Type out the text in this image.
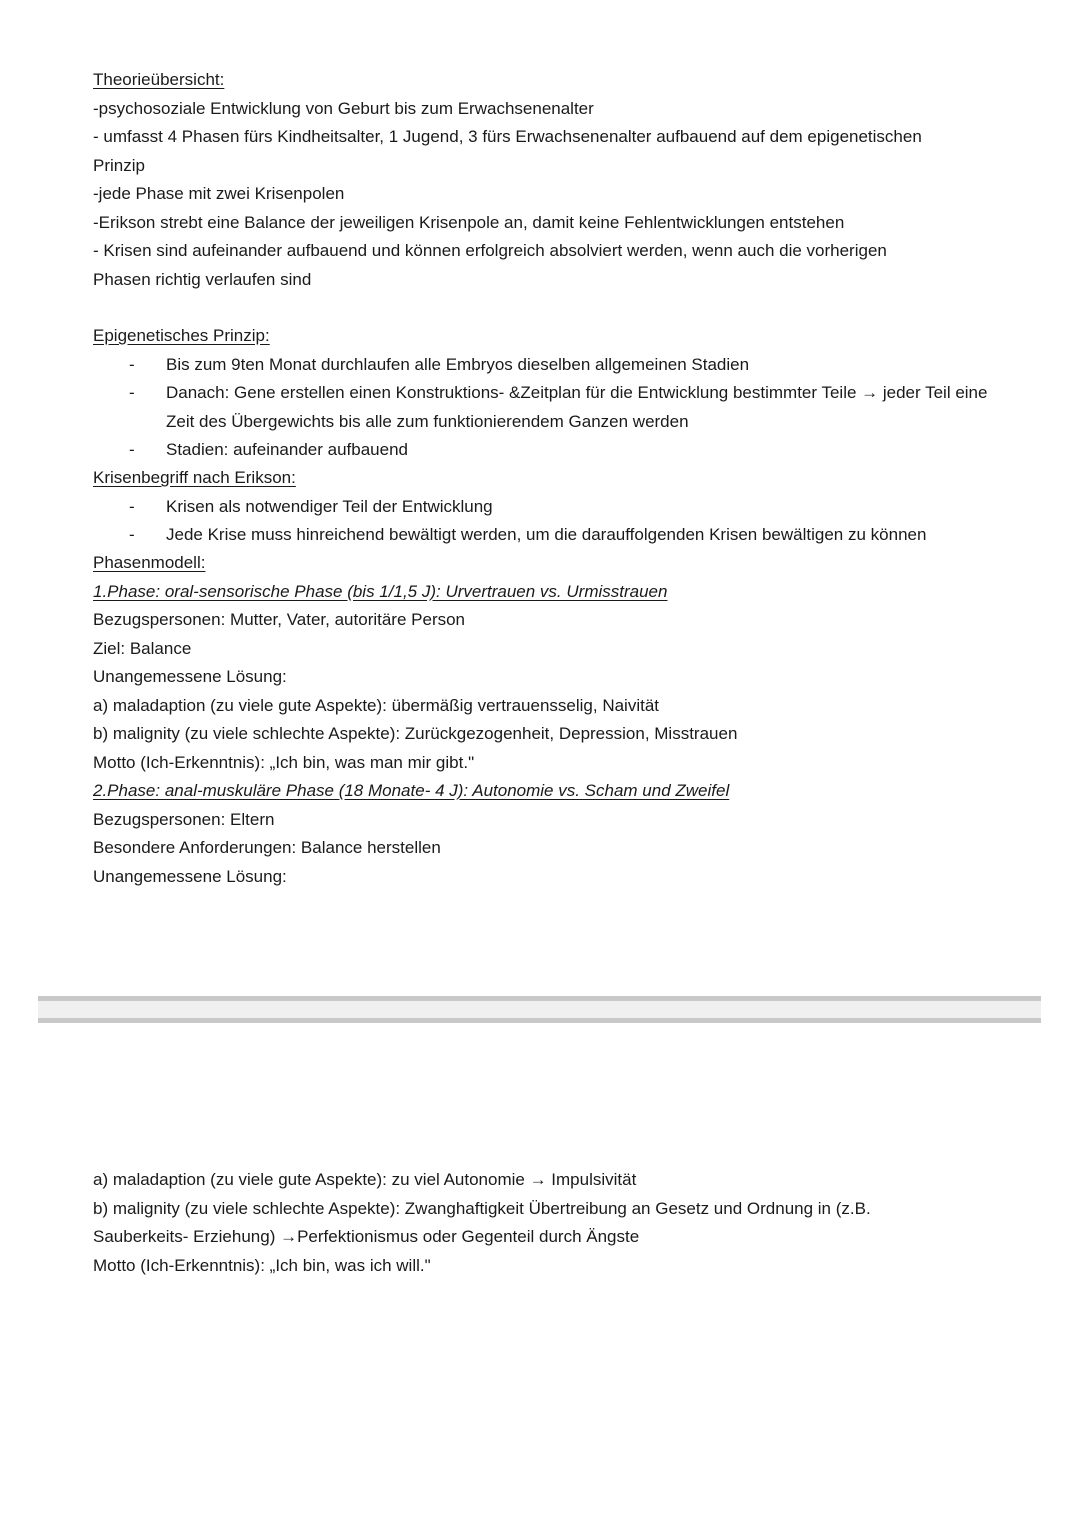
Theorieübersicht:
-psychosoziale Entwicklung von Geburt bis zum Erwachsenenalter
- umfasst 4 Phasen fürs Kindheitsalter, 1 Jugend, 3 fürs Erwachsenenalter aufbauend auf dem epigenetischen
Prinzip
-jede Phase mit zwei Krisenpolen
-Erikson strebt eine Balance der jeweiligen Krisenpole an, damit keine Fehlentwicklungen entstehen
- Krisen sind aufeinander aufbauend und können erfolgreich absolviert werden, wenn auch die vorherigen
Phasen richtig verlaufen sind
Epigenetisches Prinzip:
- Bis zum 9ten Monat durchlaufen alle Embryos dieselben allgemeinen Stadien
- Danach: Gene erstellen einen Konstruktions- &Zeitplan für die Entwicklung bestimmter Teile → jeder Teil eine Zeit des Übergewichts bis alle zum funktionierendem Ganzen werden
- Stadien: aufeinander aufbauend
Krisenbegriff nach Erikson:
- Krisen als notwendiger Teil der Entwicklung
- Jede Krise muss hinreichend bewältigt werden, um die darauffolgenden Krisen bewältigen zu können
Phasenmodell:
1.Phase: oral-sensorische Phase (bis 1/1,5 J): Urvertrauen vs. Urmisstrauen
Bezugspersonen: Mutter, Vater, autoritäre Person
Ziel: Balance
Unangemessene Lösung:
a) maladaption (zu viele gute Aspekte): übermäßig vertrauensselig, Naivität
b) malignity (zu viele schlechte Aspekte): Zurückgezogenheit, Depression, Misstrauen
Motto (Ich-Erkenntnis): „Ich bin, was man mir gibt."
2.Phase: anal-muskuläre Phase (18 Monate- 4 J): Autonomie vs. Scham und Zweifel
Bezugspersonen: Eltern
Besondere Anforderungen: Balance herstellen
Unangemessene Lösung:
a) maladaption (zu viele gute Aspekte): zu viel Autonomie → Impulsivität
b) malignity (zu viele schlechte Aspekte): Zwanghaftigkeit Übertreibung an Gesetz und Ordnung in (z.B.
Sauberkeits- Erziehung) →Perfektionismus oder Gegenteil durch Ängste
Motto (Ich-Erkenntnis): „Ich bin, was ich will."
